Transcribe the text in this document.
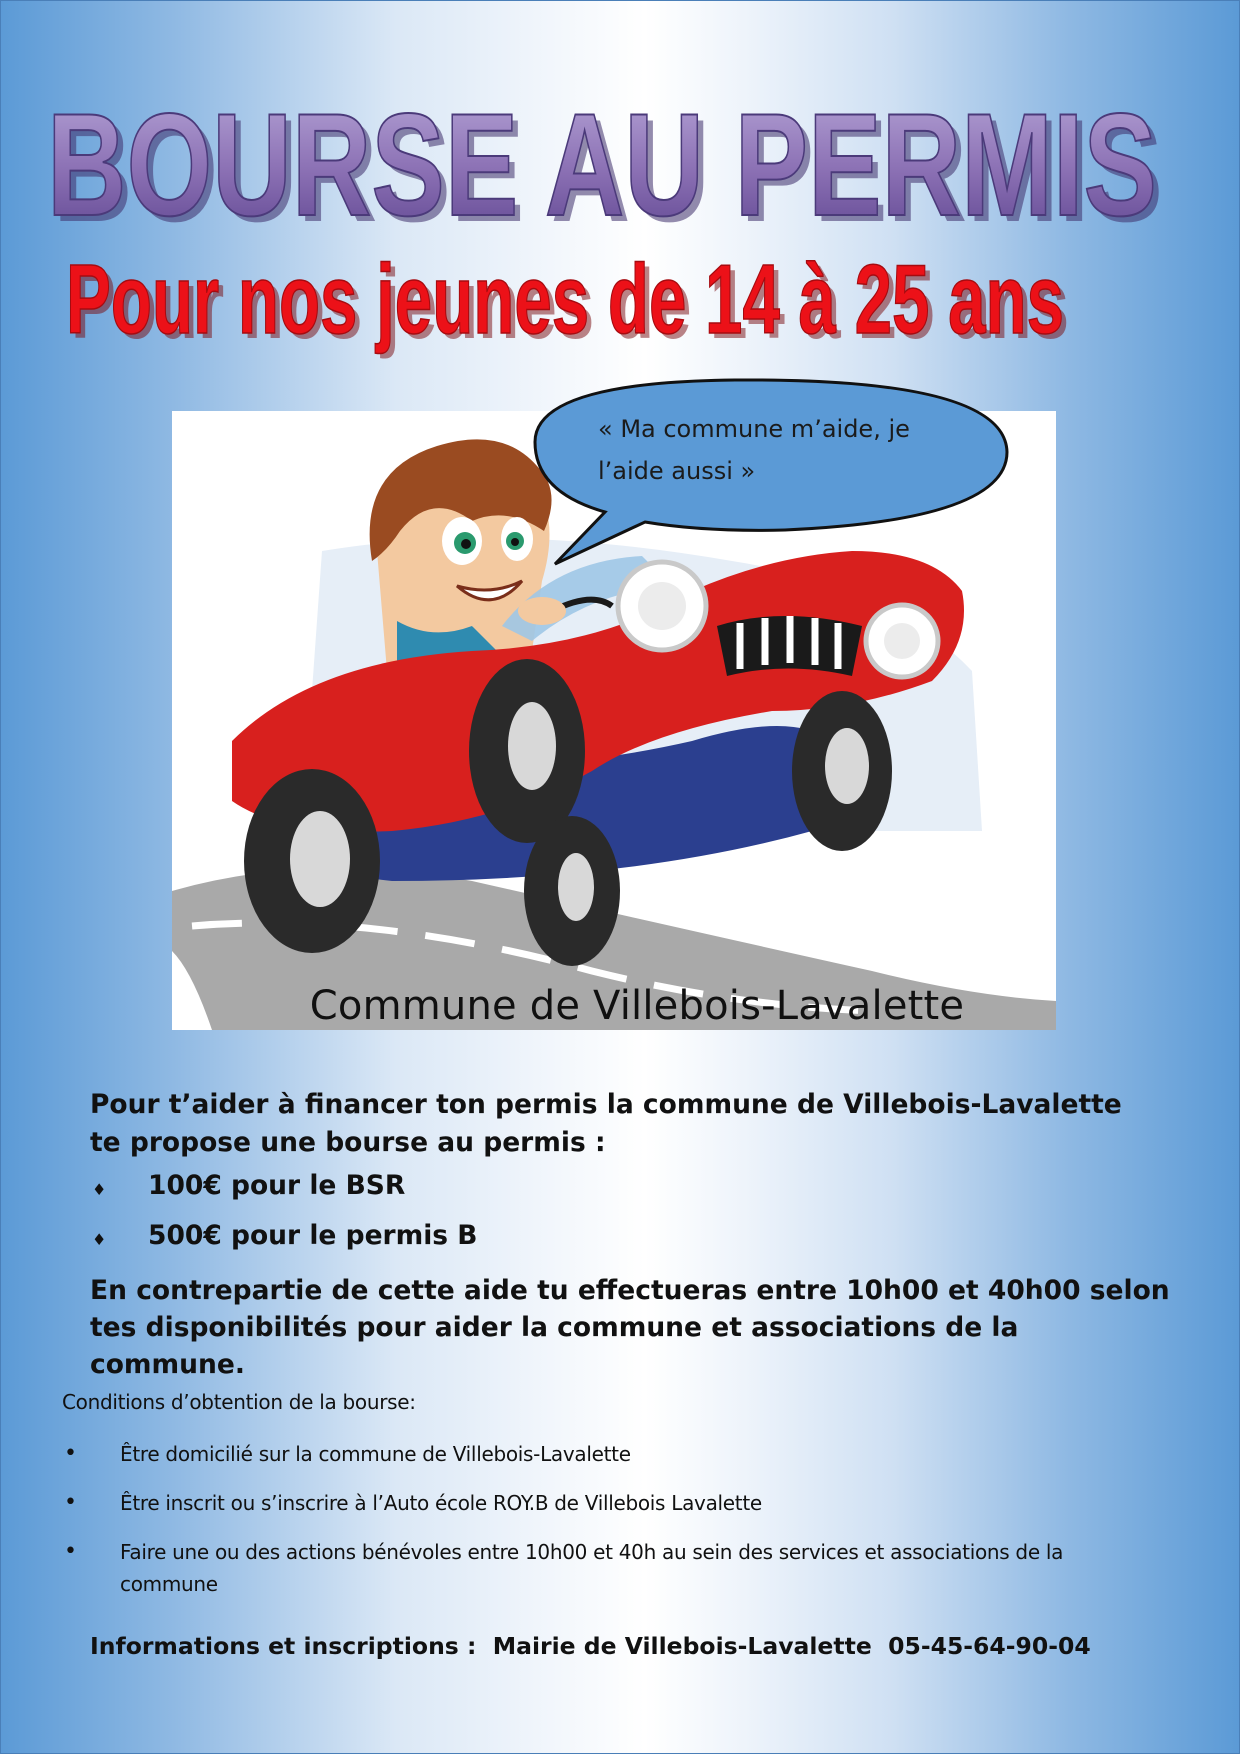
BOURSE AU PERMIS
BOURSE AU PERMIS
Pour nos jeunes de 14 à 25 ans
Pour nos jeunes de 14 à 25 ans
« Ma commune m’aide, je l’aide aussi »
Commune de Villebois-Lavalette
Pour t’aider à financer ton permis la commune de Villebois-Lavalette te propose une bourse au permis :
♦ 100€ pour le BSR
♦ 500€ pour le permis B
En contrepartie de cette aide tu effectueras entre 10h00 et 40h00 selon tes disponibilités pour aider la commune et associations de la commune.
Conditions d’obtention de la bourse:
• Être domicilié sur la commune de Villebois-Lavalette
• Être inscrit ou s’inscrire à l’Auto école ROY.B de Villebois Lavalette
• Faire une ou des actions bénévoles entre 10h00 et 40h au sein des services et associations de la commune
Informations et inscriptions :  Mairie de Villebois-Lavalette  05-45-64-90-04
